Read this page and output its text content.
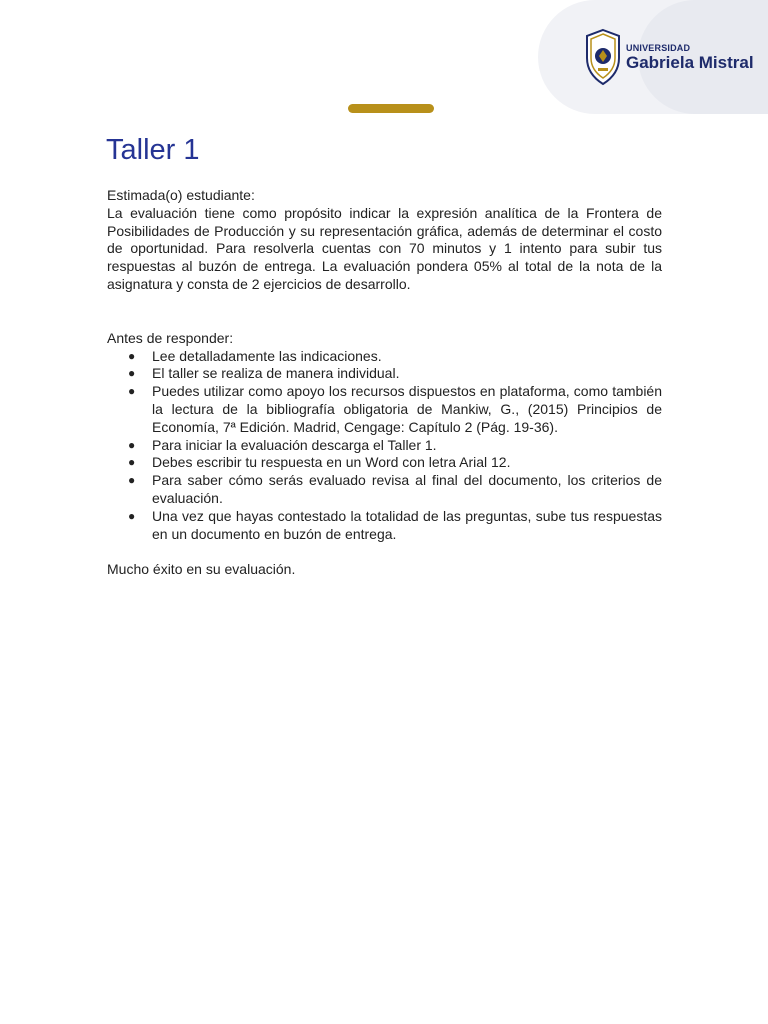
UNIVERSIDAD
Gabriela Mistral
Taller 1

Estimada(o) estudiante:

La evaluación tiene como propósito indicar la expresión analítica de la Frontera de Posibilidades de Producción y su representación gráfica, además de determinar el costo de oportunidad. Para resolverla cuentas con 70 minutos y 1 intento para subir tus respuestas al buzón de entrega. La evaluación pondera 05% al total de la nota de la asignatura y consta de 2 ejercicios de desarrollo.

Antes de responder:

● Lee detalladamente las indicaciones.
● El taller se realiza de manera individual.
● Puedes utilizar como apoyo los recursos dispuestos en plataforma, como también la lectura de la bibliografía obligatoria de Mankiw, G., (2015) Principios de Economía, 7ª Edición. Madrid, Cengage: Capítulo 2 (Pág. 19-36).
● Para iniciar la evaluación descarga el Taller 1.
● Debes escribir tu respuesta en un Word con letra Arial 12.
● Para saber cómo serás evaluado revisa al final del documento, los criterios de evaluación.
● Una vez que hayas contestado la totalidad de las preguntas, sube tus respuestas en un documento en buzón de entrega.

Mucho éxito en su evaluación.
